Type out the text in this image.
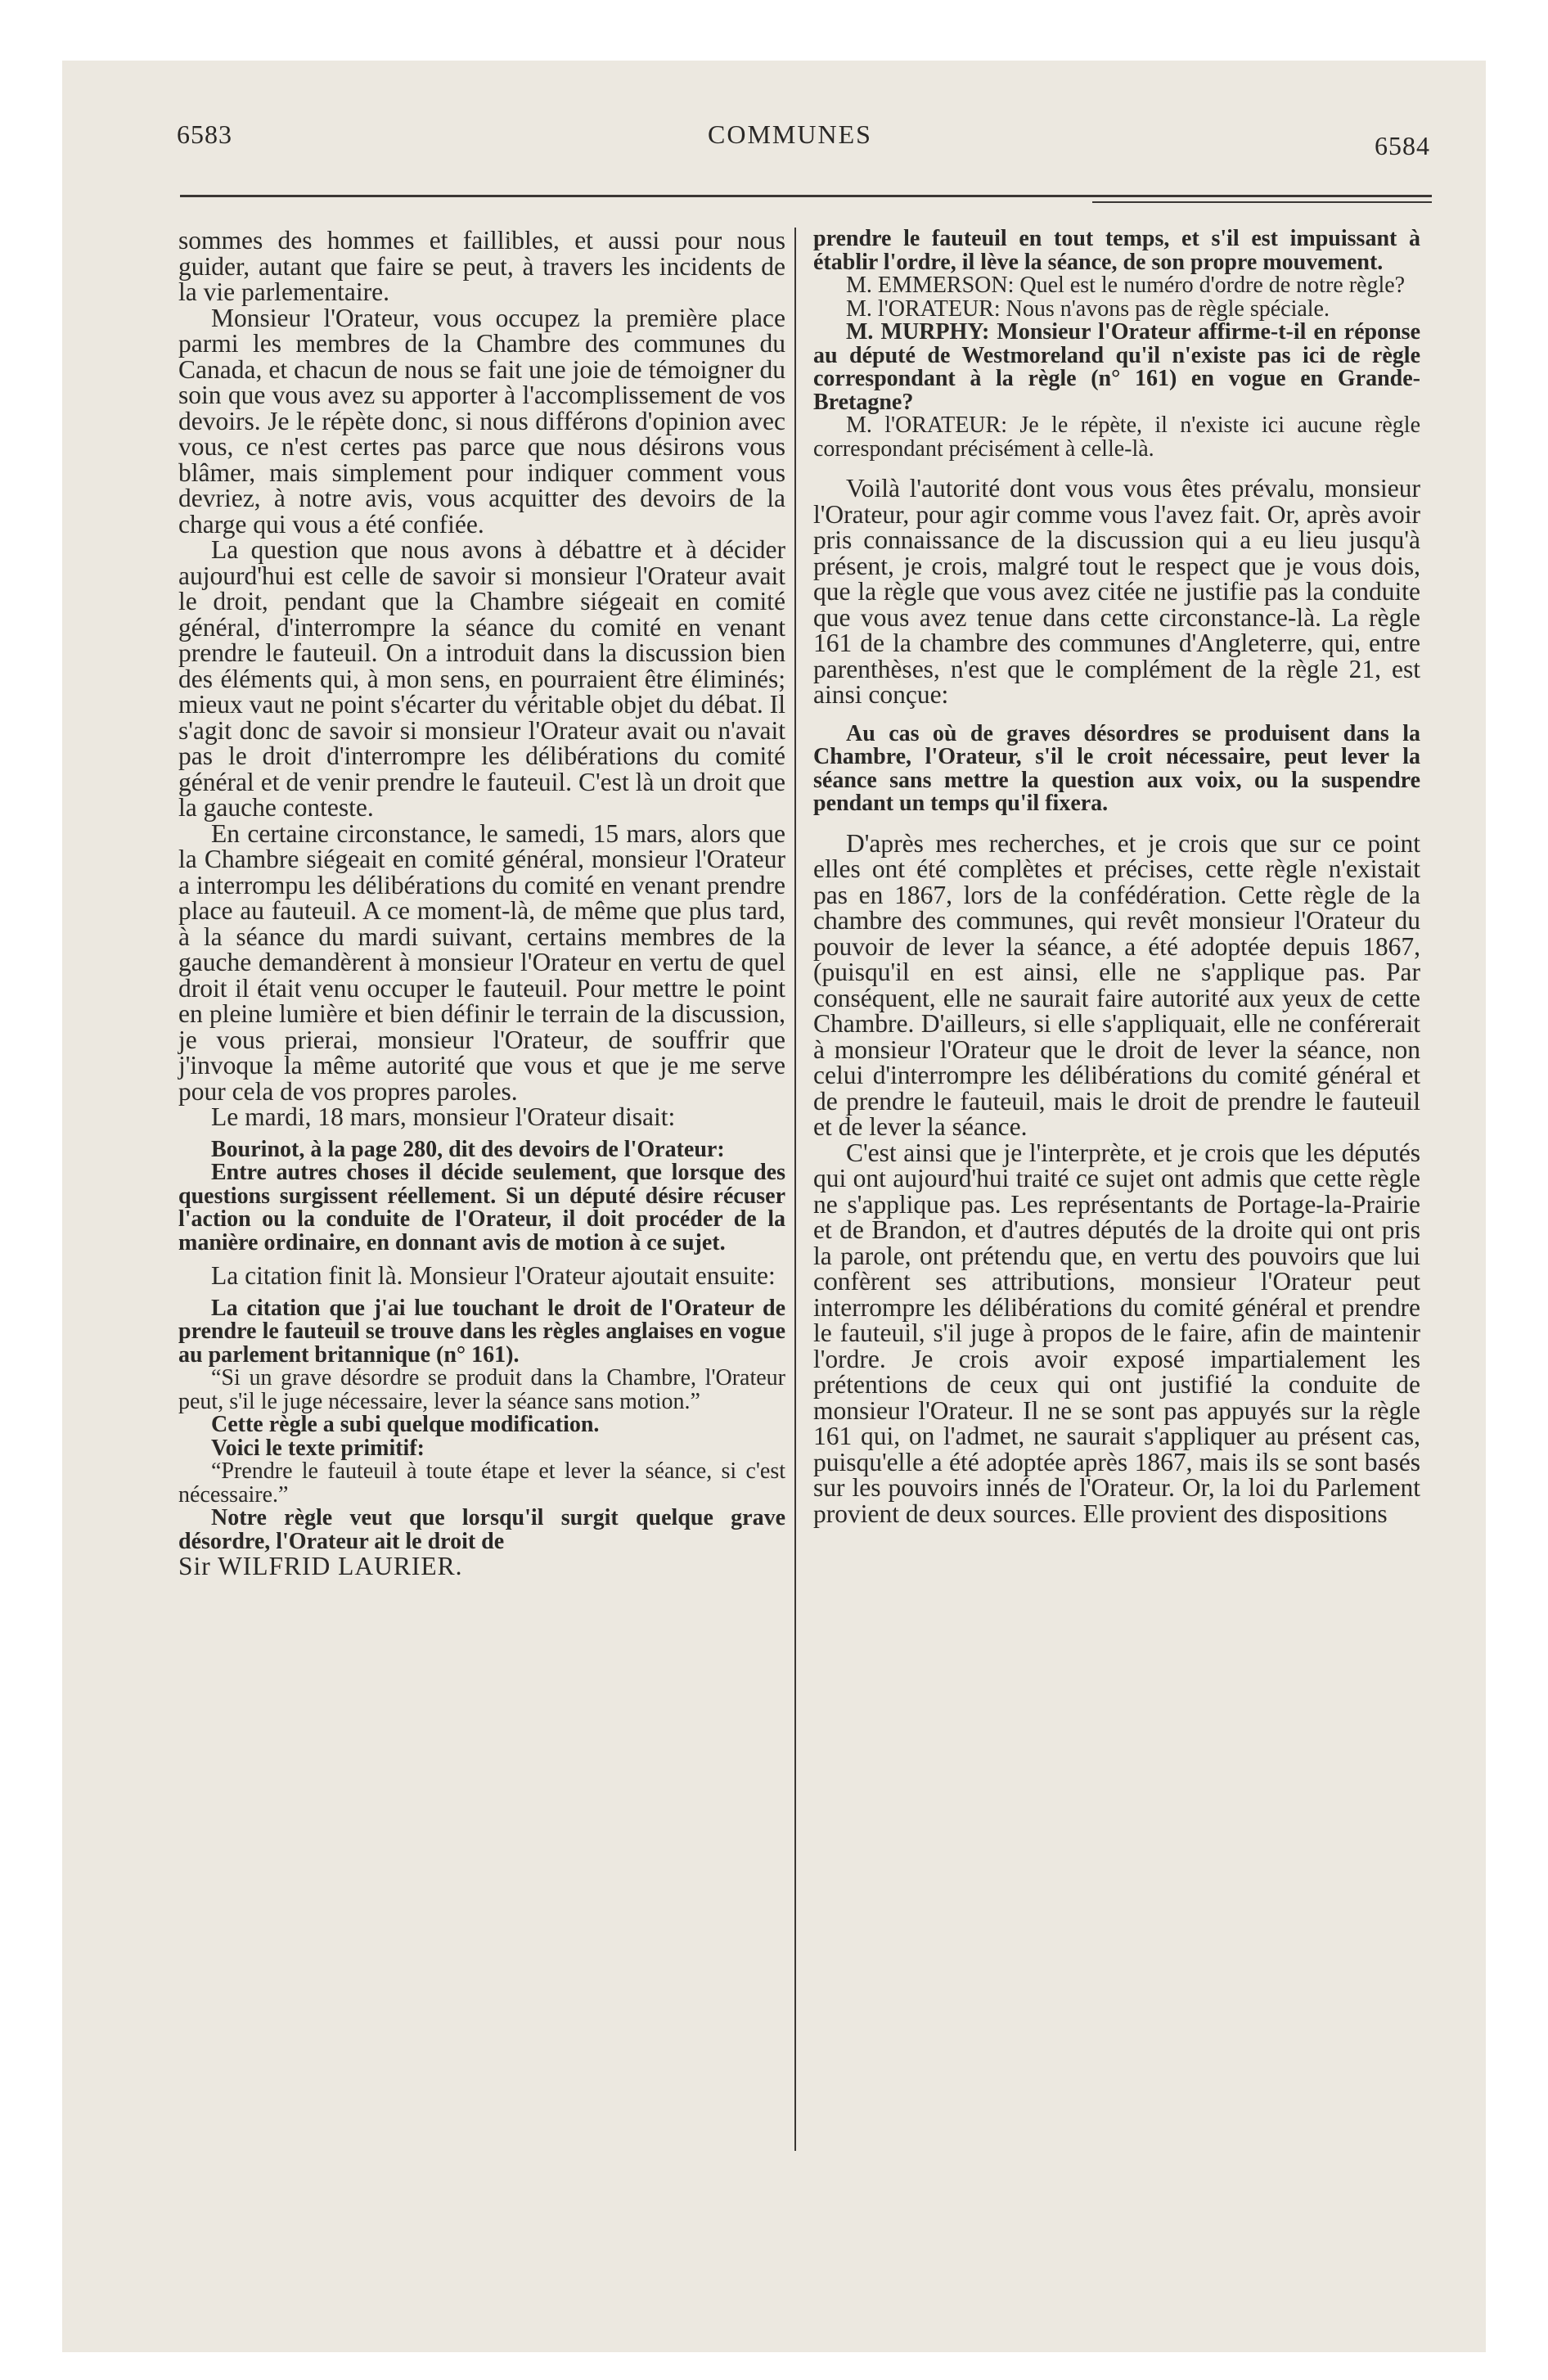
6583	COMMUNES	6584

sommes des hommes et faillibles, et aussi pour nous guider, autant que faire se peut, à travers les incidents de la vie parlementaire.

Monsieur l'Orateur, vous occupez la première place parmi les membres de la Chambre des communes du Canada, et chacun de nous se fait une joie de témoigner du soin que vous avez su apporter à l'accomplissement de vos devoirs. Je le répète donc, si nous différons d'opinion avec vous, ce n'est certes pas parce que nous désirons vous blâmer, mais simplement pour indiquer comment vous devriez, à notre avis, vous acquitter des devoirs de la charge qui vous a été confiée.

La question que nous avons à débattre et à décider aujourd'hui est celle de savoir si monsieur l'Orateur avait le droit, pendant que la Chambre siégeait en comité général, d'interrompre la séance du comité en venant prendre le fauteuil. On a introduit dans la discussion bien des éléments qui, à mon sens, en pourraient être éliminés; mieux vaut ne point s'écarter du véritable objet du débat. Il s'agit donc de savoir si monsieur l'Orateur avait ou n'avait pas le droit d'interrompre les délibérations du comité général et de venir prendre le fauteuil. C'est là un droit que la gauche conteste.

En certaine circonstance, le samedi, 15 mars, alors que la Chambre siégeait en comité général, monsieur l'Orateur a interrompu les délibérations du comité en venant prendre place au fauteuil. A ce moment-là, de même que plus tard, à la séance du mardi suivant, certains membres de la gauche demandèrent à monsieur l'Orateur en vertu de quel droit il était venu occuper le fauteuil. Pour mettre le point en pleine lumière et bien définir le terrain de la discussion, je vous prierai, monsieur l'Orateur, de souffrir que j'invoque la même autorité que vous et que je me serve pour cela de vos propres paroles.

Le mardi, 18 mars, monsieur l'Orateur disait:

Bourinot, à la page 280, dit des devoirs de l'Orateur:

Entre autres choses il décide seulement, que lorsque des questions surgissent réellement. Si un député désire récuser l'action ou la conduite de l'Orateur, il doit procéder de la manière ordinaire, en donnant avis de motion à ce sujet.

La citation finit là. Monsieur l'Orateur ajoutait ensuite:

La citation que j'ai lue touchant le droit de l'Orateur de prendre le fauteuil se trouve dans les règles anglaises en vogue au parlement britannique (n° 161).

“Si un grave désordre se produit dans la Chambre, l'Orateur peut, s'il le juge nécessaire, lever la séance sans motion.”

Cette règle a subi quelque modification.

Voici le texte primitif:

“Prendre le fauteuil à toute étape et lever la séance, si c'est nécessaire.”

Notre règle veut que lorsqu'il surgit quelque grave désordre, l'Orateur ait le droit de

Sir WILFRID LAURIER.

prendre le fauteuil en tout temps, et s'il est impuissant à établir l'ordre, il lève la séance, de son propre mouvement.

M. EMMERSON: Quel est le numéro d'ordre de notre règle?

M. l'ORATEUR: Nous n'avons pas de règle spéciale.

M. MURPHY: Monsieur l'Orateur affirme-t-il en réponse au député de Westmoreland qu'il n'existe pas ici de règle correspondant à la règle (n° 161) en vogue en Grande-Bretagne?

M. l'ORATEUR: Je le répète, il n'existe ici aucune règle correspondant précisément à celle-là.

Voilà l'autorité dont vous vous êtes prévalu, monsieur l'Orateur, pour agir comme vous l'avez fait. Or, après avoir pris connaissance de la discussion qui a eu lieu jusqu'à présent, je crois, malgré tout le respect que je vous dois, que la règle que vous avez citée ne justifie pas la conduite que vous avez tenue dans cette circonstance-là. La règle 161 de la chambre des communes d'Angleterre, qui, entre parenthèses, n'est que le complément de la règle 21, est ainsi conçue:

Au cas où de graves désordres se produisent dans la Chambre, l'Orateur, s'il le croit nécessaire, peut lever la séance sans mettre la question aux voix, ou la suspendre pendant un temps qu'il fixera.

D'après mes recherches, et je crois que sur ce point elles ont été complètes et précises, cette règle n'existait pas en 1867, lors de la confédération. Cette règle de la chambre des communes, qui revêt monsieur l'Orateur du pouvoir de lever la séance, a été adoptée depuis 1867, (puisqu'il en est ainsi, elle ne s'applique pas. Par conséquent, elle ne saurait faire autorité aux yeux de cette Chambre. D'ailleurs, si elle s'appliquait, elle ne conférerait à monsieur l'Orateur que le droit de lever la séance, non celui d'interrompre les délibérations du comité général et de prendre le fauteuil, mais le droit de prendre le fauteuil et de lever la séance.

C'est ainsi que je l'interprète, et je crois que les députés qui ont aujourd'hui traité ce sujet ont admis que cette règle ne s'applique pas. Les représentants de Portage-la-Prairie et de Brandon, et d'autres députés de la droite qui ont pris la parole, ont prétendu que, en vertu des pouvoirs que lui confèrent ses attributions, monsieur l'Orateur peut interrompre les délibérations du comité général et prendre le fauteuil, s'il juge à propos de le faire, afin de maintenir l'ordre. Je crois avoir exposé impartialement les prétentions de ceux qui ont justifié la conduite de monsieur l'Orateur. Il ne se sont pas appuyés sur la règle 161 qui, on l'admet, ne saurait s'appliquer au présent cas, puisqu'elle a été adoptée après 1867, mais ils se sont basés sur les pouvoirs innés de l'Orateur. Or, la loi du Parlement provient de deux sources. Elle provient des dispositions
